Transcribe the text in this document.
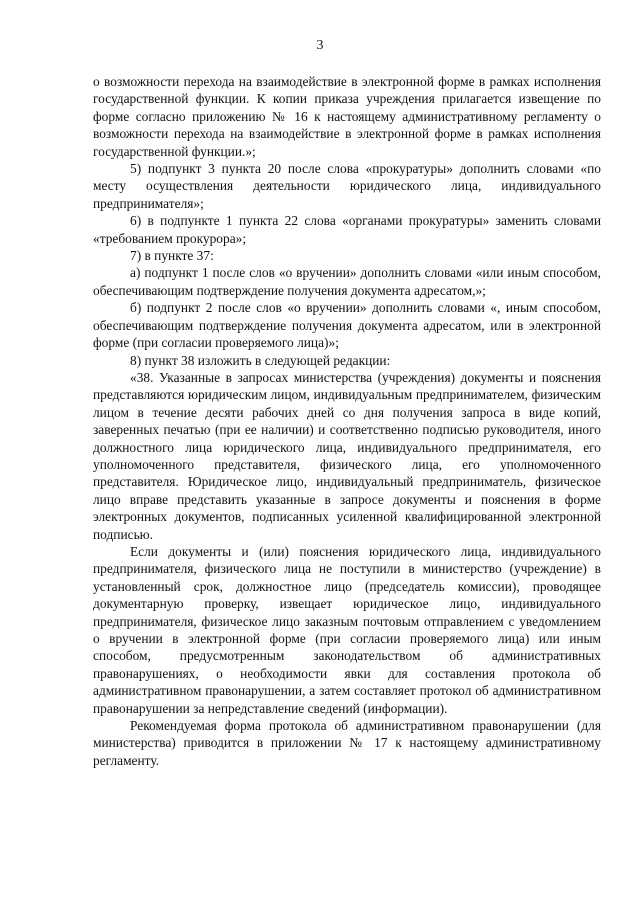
3

о возможности перехода на взаимодействие в электронной форме в рамках исполнения государственной функции. К копии приказа учреждения прилагается извещение по форме согласно приложению № 16 к настоящему административному регламенту о возможности перехода на взаимодействие в электронной форме в рамках исполнения государственной функции.»;

5) подпункт 3 пункта 20 после слова «прокуратуры» дополнить словами «по месту осуществления деятельности юридического лица, индивидуального предпринимателя»;

6) в подпункте 1 пункта 22 слова «органами прокуратуры» заменить словами «требованием прокурора»;

7) в пункте 37:

а) подпункт 1 после слов «о вручении» дополнить словами «или иным способом, обеспечивающим подтверждение получения документа адресатом,»;

б) подпункт 2 после слов «о вручении» дополнить словами «, иным способом, обеспечивающим подтверждение получения документа адресатом, или в электронной форме (при согласии проверяемого лица)»;

8) пункт 38 изложить в следующей редакции:

«38. Указанные в запросах министерства (учреждения) документы и пояснения представляются юридическим лицом, индивидуальным предпринимателем, физическим лицом в течение десяти рабочих дней со дня получения запроса в виде копий, заверенных печатью (при ее наличии) и соответственно подписью руководителя, иного должностного лица юридического лица, индивидуального предпринимателя, его уполномоченного представителя, физического лица, его уполномоченного представителя. Юридическое лицо, индивидуальный предприниматель, физическое лицо вправе представить указанные в запросе документы и пояснения в форме электронных документов, подписанных усиленной квалифицированной электронной подписью.

Если документы и (или) пояснения юридического лица, индивидуального предпринимателя, физического лица не поступили в министерство (учреждение) в установленный срок, должностное лицо (председатель комиссии), проводящее документарную проверку, извещает юридическое лицо, индивидуального предпринимателя, физическое лицо заказным почтовым отправлением с уведомлением о вручении в электронной форме (при согласии проверяемого лица) или иным способом, предусмотренным законодательством об административных правонарушениях, о необходимости явки для составления протокола об административном правонарушении, а затем составляет протокол об административном правонарушении за непредставление сведений (информации).

Рекомендуемая форма протокола об административном правонарушении (для министерства) приводится в приложении № 17 к настоящему административному регламенту.
